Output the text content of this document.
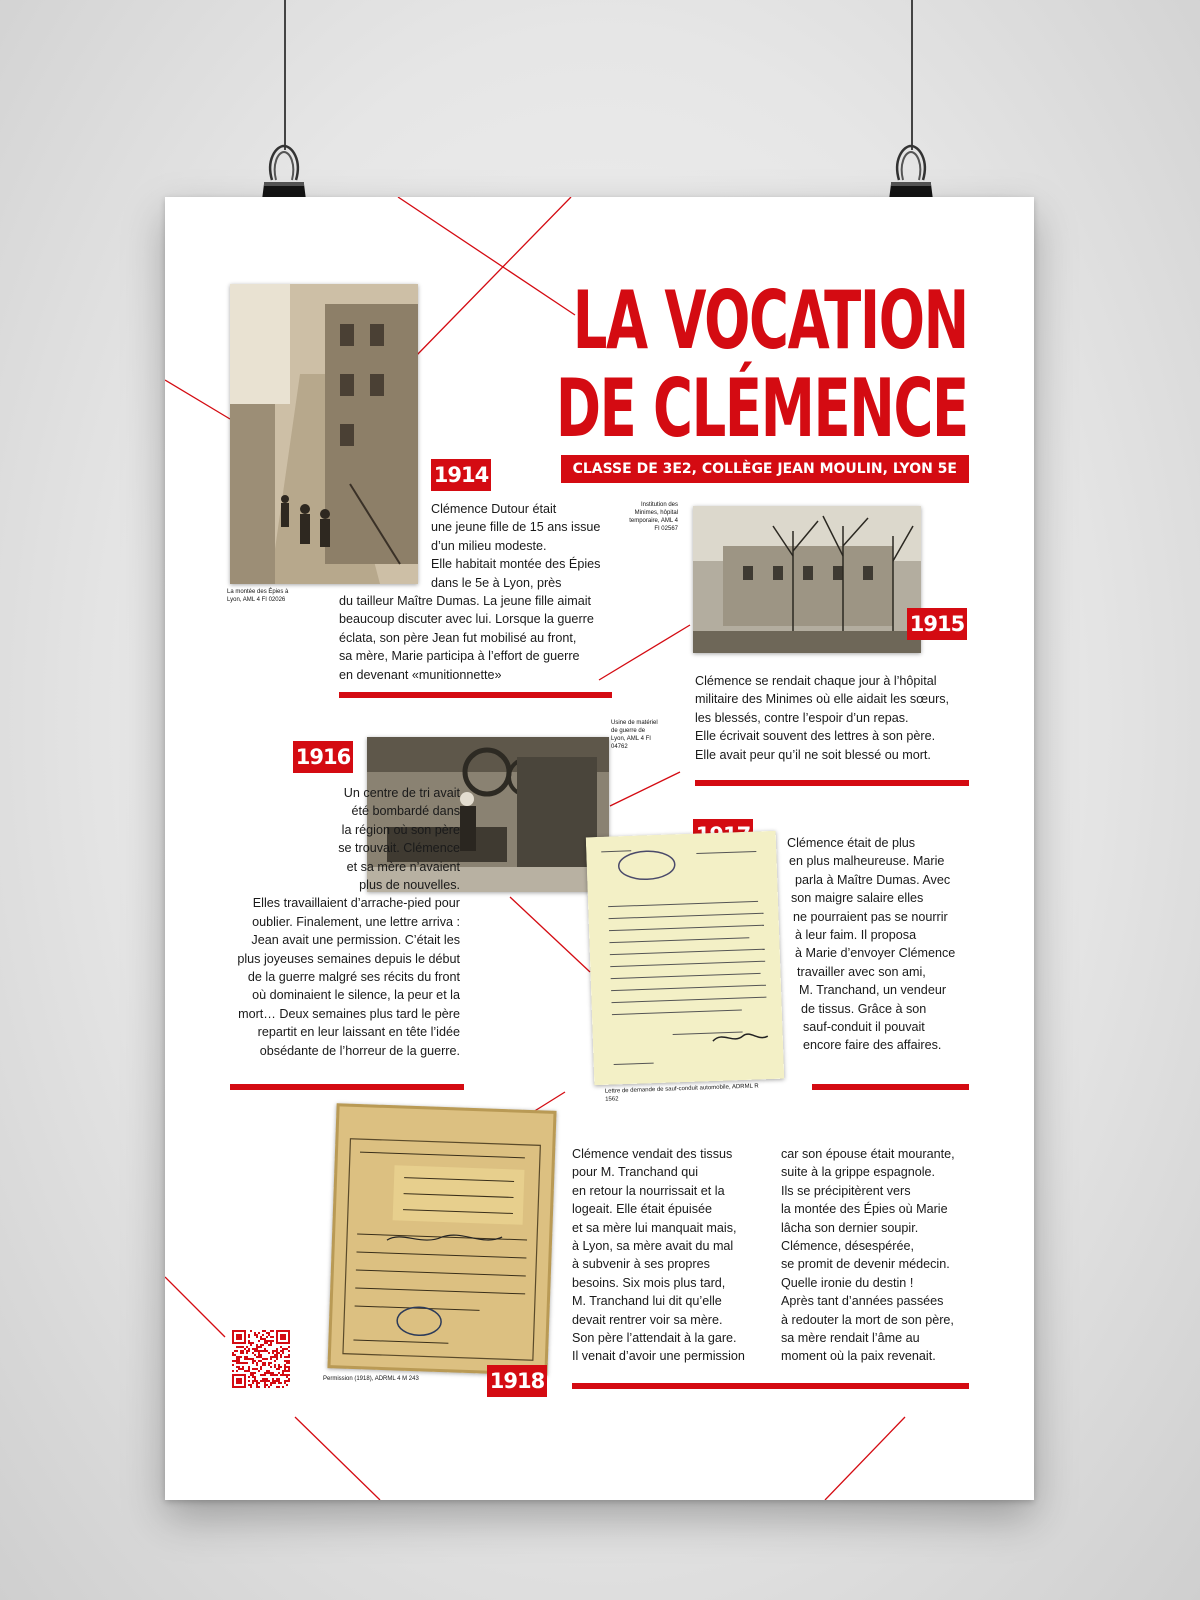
LA VOCATION
DE CLÉMENCE
CLASSE DE 3E2, COLLÈGE JEAN MOULIN, LYON 5E
La montée des Épies à Lyon, AML 4 FI 02026
1914
Clémence Dutour était
une jeune fille de 15 ans issue
d’un milieu modeste.
Elle habitait montée des Épies
dans le 5e à Lyon, près
du tailleur Maître Dumas. La jeune fille aimait
beaucoup discuter avec lui. Lorsque la guerre
éclata, son père Jean fut mobilisé au front,
sa mère, Marie participa à l’effort de guerre
en devenant «munitionnette»
Institution des Minimes, hôpital temporaire, AML 4 FI 02567
1915
Clémence se rendait chaque jour à l’hôpital
militaire des Minimes où elle aidait les sœurs,
les blessés, contre l’espoir d’un repas.
Elle écrivait souvent des lettres à son père.
Elle avait peur qu’il ne soit blessé ou mort.
1916
Usine de matériel de guerre de Lyon, AML 4 FI 04762
Un centre de tri avait
été bombardé dans
la région où son père
se trouvait. Clémence
et sa mère n’avaient
plus de nouvelles.
Elles travaillaient d’arrache-pied pour
oublier. Finalement, une lettre arriva :
Jean avait une permission. C’était les
plus joyeuses semaines depuis le début
de la guerre malgré ses récits du front
où dominaient le silence, la peur et la
mort… Deux semaines plus tard le père
repartit en leur laissant en tête l’idée
obsédante de l’horreur de la guerre.
Lettre de demande de sauf-conduit automobile, ADRML R 1562
Clémence était de plus
en plus malheureuse. Marie
parla à Maître Dumas. Avec
son maigre salaire elles
ne pourraient pas se nourrir
à leur faim. Il proposa
à Marie d’envoyer Clémence
travailler avec son ami,
M. Tranchand, un vendeur
de tissus. Grâce à son
sauf-conduit il pouvait
encore faire des affaires.
Permission (1918), ADRML 4 M 243	1918
Clémence vendait des tissus
pour M. Tranchand qui
en retour la nourrissait et la
logeait. Elle était épuisée
et sa mère lui manquait mais,
à Lyon, sa mère avait du mal
à subvenir à ses propres
besoins. Six mois plus tard,
M. Tranchand lui dit qu’elle
devait rentrer voir sa mère.
Son père l’attendait à la gare.
Il venait d’avoir une permission
car son épouse était mourante,
suite à la grippe espagnole.
Ils se précipitèrent vers
la montée des Épies où Marie
lâcha son dernier soupir.
Clémence, désespérée,
se promit de devenir médecin.
Quelle ironie du destin !
Après tant d’années passées
à redouter la mort de son père,
sa mère rendait l’âme au
moment où la paix revenait.
